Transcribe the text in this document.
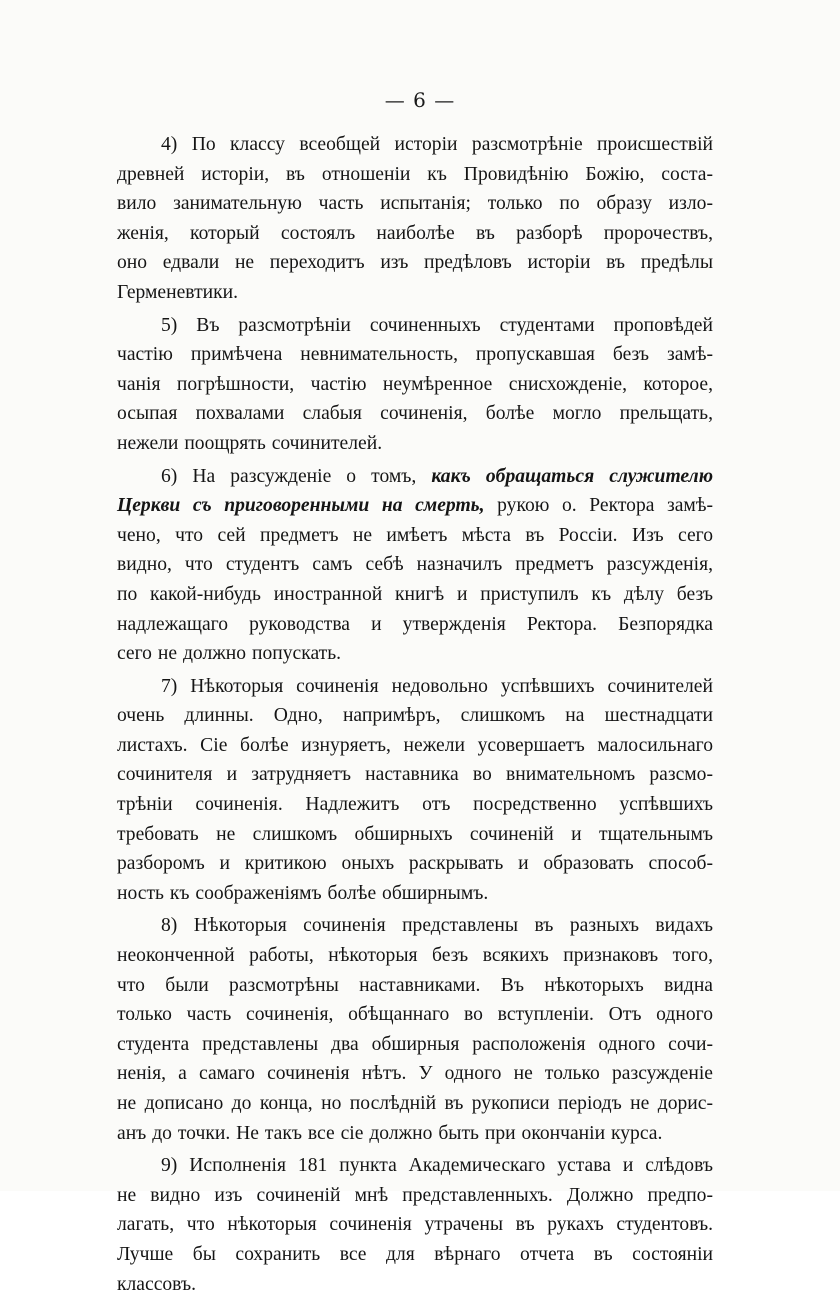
— 6 —
4) По классу всеобщей исторіи разсмотрѣніе происшествій
древней исторіи, въ отношеніи къ Провидѣнію Божію, соста-
вило занимательную часть испытанія; только по образу изло-
женія, который состоялъ наиболѣе въ разборѣ пророчествъ,
оно едвали не переходитъ изъ предѣловъ исторіи въ предѣлы
Герменевтики.
5) Въ разсмотрѣніи сочиненныхъ студентами проповѣдей
частію примѣчена невнимательность, пропускавшая безъ замѣ-
чанія погрѣшности, частію неумѣренное снисхожденіе, которое,
осыпая похвалами слабыя сочиненія, болѣе могло прельщать,
нежели поощрять сочинителей.
6) На разсужденіе о томъ, какъ обращаться служителю
Церкви съ приговоренными на смерть, рукою о. Ректора замѣ-
чено, что сей предметъ не имѣетъ мѣста въ Россіи. Изъ сего
видно, что студентъ самъ себѣ назначилъ предметъ разсужденія,
по какой-нибудь иностранной книгѣ и приступилъ къ дѣлу безъ
надлежащаго руководства и утвержденія Ректора. Безпорядка
сего не должно попускать.
7) Нѣкоторыя сочиненія недовольно успѣвшихъ сочинителей
очень длинны. Одно, напримѣръ, слишкомъ на шестнадцати
листахъ. Сіе болѣе изнуряетъ, нежели усовершаетъ малосильнаго
сочинителя и затрудняетъ наставника во внимательномъ разсмо-
трѣніи сочиненія. Надлежитъ отъ посредственно успѣвшихъ
требовать не слишкомъ обширныхъ сочиненій и тщательнымъ
разборомъ и критикою оныхъ раскрывать и образовать способ-
ность къ соображеніямъ болѣе обширнымъ.
8) Нѣкоторыя сочиненія представлены въ разныхъ видахъ
неоконченной работы, нѣкоторыя безъ всякихъ признаковъ того,
что были разсмотрѣны наставниками. Въ нѣкоторыхъ видна
только часть сочиненія, обѣщаннаго во вступленіи. Отъ одного
студента представлены два обширныя расположенія одного сочи-
ненія, а самаго сочиненія нѣтъ. У одного не только разсужденіе
не дописано до конца, но послѣдній въ рукописи періодъ не дopис-
анъ до точки. Не такъ все сіе должно быть при окончаніи курса.
9) Исполненія 181 пункта Академическаго устава и слѣдовъ
не видно изъ сочиненій мнѣ представленныхъ. Должно предпо-
лагать, что нѣкоторыя сочиненія утрачены въ рукахъ студентовъ.
Лучше бы сохранить все для вѣрнаго отчета въ состояніи
классовъ.
